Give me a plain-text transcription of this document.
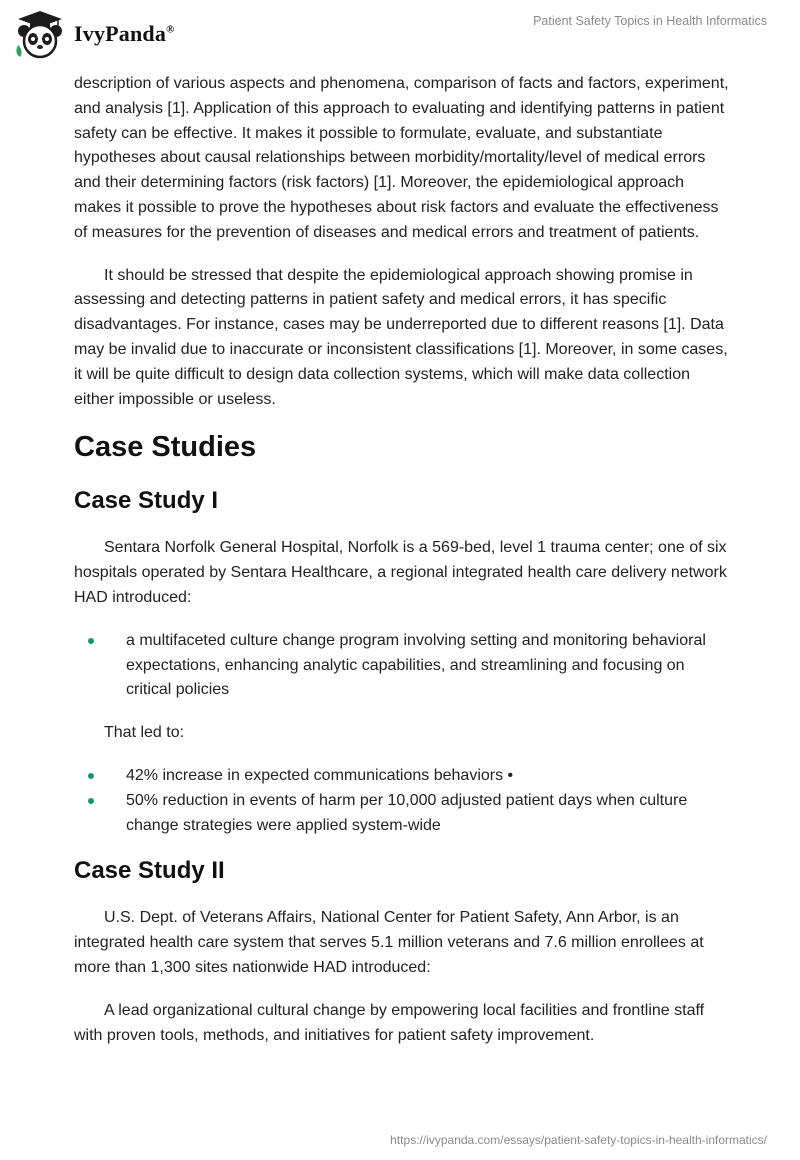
IvyPanda®
Patient Safety Topics in Health Informatics

description of various aspects and phenomena, comparison of facts and factors, experiment, and analysis [1]. Application of this approach to evaluating and identifying patterns in patient safety can be effective. It makes it possible to formulate, evaluate, and substantiate hypotheses about causal relationships between morbidity/mortality/level of medical errors and their determining factors (risk factors) [1]. Moreover, the epidemiological approach makes it possible to prove the hypotheses about risk factors and evaluate the effectiveness of measures for the prevention of diseases and medical errors and treatment of patients.

It should be stressed that despite the epidemiological approach showing promise in assessing and detecting patterns in patient safety and medical errors, it has specific disadvantages. For instance, cases may be underreported due to different reasons [1]. Data may be invalid due to inaccurate or inconsistent classifications [1]. Moreover, in some cases, it will be quite difficult to design data collection systems, which will make data collection either impossible or useless.

Case Studies
Case Study I

Sentara Norfolk General Hospital, Norfolk is a 569-bed, level 1 trauma center; one of six hospitals operated by Sentara Healthcare, a regional integrated health care delivery network HAD introduced:

a multifaceted culture change program involving setting and monitoring behavioral expectations, enhancing analytic capabilities, and streamlining and focusing on critical policies

That led to:

42% increase in expected communications behaviors •
50% reduction in events of harm per 10,000 adjusted patient days when culture change strategies were applied system-wide
Case Study II

U.S. Dept. of Veterans Affairs, National Center for Patient Safety, Ann Arbor, is an integrated health care system that serves 5.1 million veterans and 7.6 million enrollees at more than 1,300 sites nationwide HAD introduced:

A lead organizational cultural change by empowering local facilities and frontline staff with proven tools, methods, and initiatives for patient safety improvement.

https://ivypanda.com/essays/patient-safety-topics-in-health-informatics/
